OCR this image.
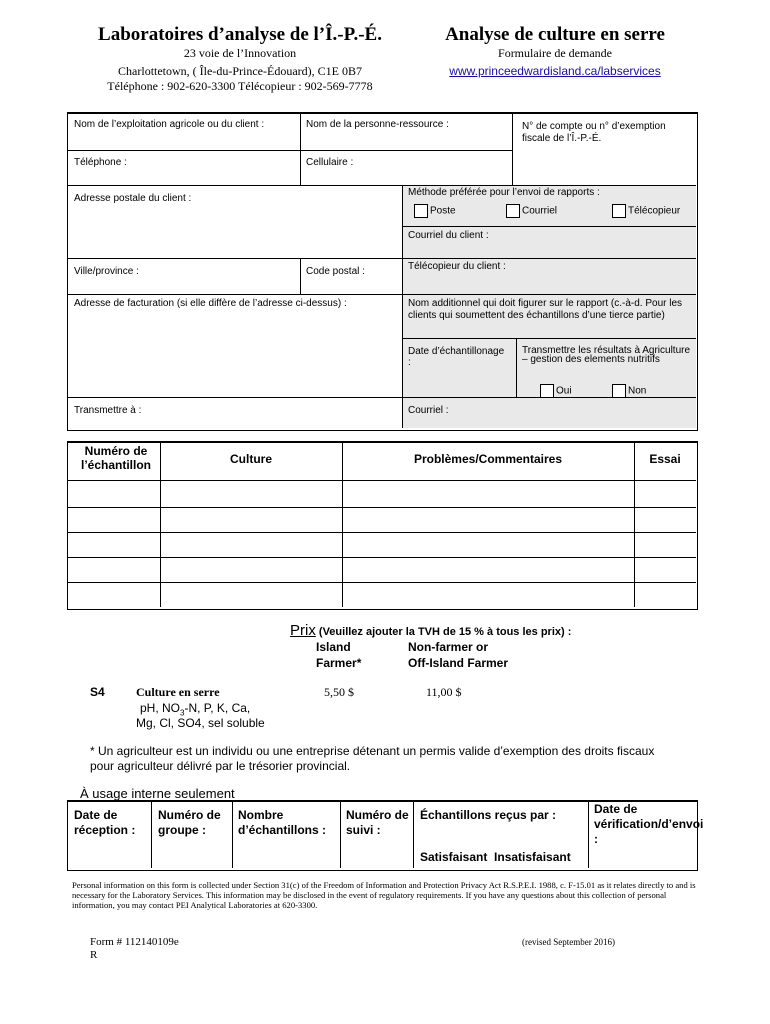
Laboratoires d’analyse de l’Î.-P.-É.
23 voie de l’Innovation
Charlottetown, ( Île-du-Prince-Édouard), C1E 0B7
Téléphone : 902-620-3300 Télécopieur : 902-569-7778
Analyse de culture en serre
Formulaire de demande
www.princeedwardisland.ca/labservices
Nom de l’exploitation agricole ou du client :	Nom de la personne-ressource :	N° de compte ou n° d’exemption fiscale de l’Î.-P.-É.
Téléphone :	Cellulaire :
Adresse postale du client :
Méthode préférée pour l’envoi de rapports :
Poste	Courriel	Télécopieur
Courriel du client :
Ville/province :	Code postal :	Télécopieur du client :
Adresse de facturation (si elle diffère de l’adresse ci-dessus) :	Nom additionnel qui doit figurer sur le rapport (c.-à-d. Pour les clients qui soumettent des échantillons d’une tierce partie)
Date d’échantillonage :
Transmettre les résultats à Agriculture – gestion des elements nutritifs
Oui	Non
Transmettre à :	Courriel :
Numéro de l’échantillon	Culture	Problèmes/Commentaires	Essai
Prix (Veuillez ajouter la TVH de 15 % à tous les prix) :
Island
Farmer*
Non-farmer or
Off-Island Farmer
S4	Culture en serre
pH, $NO_3-N$, P, K, Ca,
Mg, Cl, SO4, sel soluble
5,50 $	11,00 $
* Un agriculteur est un individu ou une entreprise détenant un permis valide d’exemption des droits fiscaux pour agriculteur délivré par le trésorier provincial.
À usage interne seulement
Date de réception :
Numéro de groupe :
Nombre d’échantillons :
Numéro de suivi :
Échantillons reçus par :
Satisfaisant  Insatisfaisant
Date de vérification/d’envoi :
Personal information on this form is collected under Section 31(c) of the Freedom of Information and Protection Privacy Act R.S.P.E.I. 1988, c. F-15.01 as it relates directly to and is necessary for the Laboratory Services. This information may be disclosed in the event of regulatory requirements. If you have any questions about this collection of personal information, you may contact PEI Analytical Laboratories at 620-3300.
Form # 112140109e
R
(revised September 2016)
